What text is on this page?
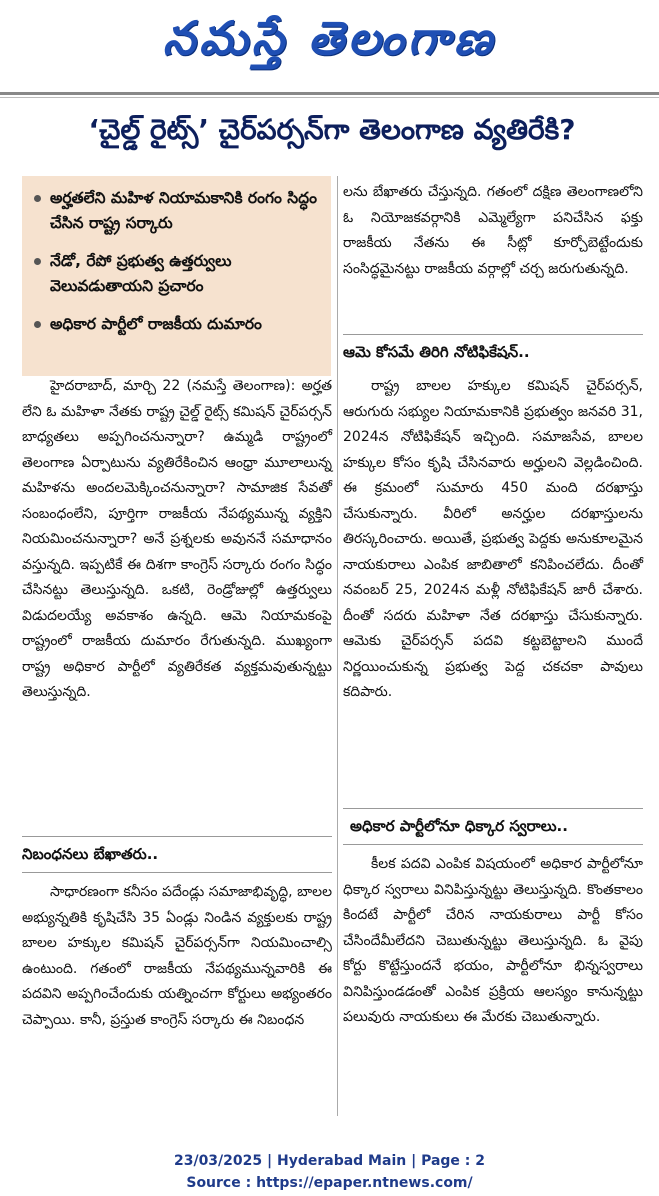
నమస్తే తెలంగాణ
‘చైల్డ్ రైట్స్’ చైర్‌పర్సన్‌గా తెలంగాణ వ్యతిరేకి?
అర్హతలేని మహిళ నియామకానికి రంగం సిద్ధం చేసిన రాష్ట్ర సర్కారు
నేడో, రేపో ప్రభుత్వ ఉత్తర్వులు వెలువడుతాయని ప్రచారం
అధికార పార్టీలో రాజకీయ దుమారం

లను బేఖాతరు చేస్తున్నది. గతంలో దక్షిణ తెలంగాణలోని ఓ నియోజకవర్గానికి ఎమ్మెల్యేగా పనిచేసిన ఫక్తు రాజకీయ నేతను ఈ సీట్లో కూర్చోబెట్టేందుకు సంసిద్ధమైనట్టు రాజకీయ వర్గాల్లో చర్చ జరుగుతున్నది.

ఆమె కోసమే తిరిగి నోటిఫికేషన్..

హైదరాబాద్, మార్చి 22 (నమస్తే తెలంగాణ): అర్హత లేని ఓ మహిళా నేతకు రాష్ట్ర చైల్డ్ రైట్స్ కమిషన్ చైర్‌పర్సన్ బాధ్యతలు అప్పగించనున్నారా? ఉమ్మడి రాష్ట్రంలో తెలంగాణ ఏర్పాటును వ్యతిరేకించిన ఆంధ్రా మూలాలున్న మహిళను అందలమెక్కించనున్నారా? సామాజిక సేవతో సంబంధంలేని, పూర్తిగా రాజకీయ నేపథ్యమున్న వ్యక్తిని నియమించనున్నారా? అనే ప్రశ్నలకు అవుననే సమాధానం వస్తున్నది. ఇప్పటికే ఈ దిశగా కాంగ్రెస్ సర్కారు రంగం సిద్ధం చేసినట్టు తెలుస్తున్నది. ఒకటి, రెండ్రోజుల్లో ఉత్తర్వులు విడుదలయ్యే అవకాశం ఉన్నది. ఆమె నియామకంపై రాష్ట్రంలో రాజకీయ దుమారం రేగుతున్నది. ముఖ్యంగా రాష్ట్ర అధికార పార్టీలో వ్యతిరేకత వ్యక్తమవుతున్నట్టు తెలుస్తున్నది.

నిబంధనలు బేఖాతరు..

సాధారణంగా కనీసం పదేండ్లు సమాజాభివృద్ధి, బాలల అభ్యున్నతికి కృషిచేసి 35 ఏండ్లు నిండిన వ్యక్తులకు రాష్ట్ర బాలల హక్కుల కమిషన్ చైర్‌పర్సన్‌గా నియమించాల్సి ఉంటుంది. గతంలో రాజకీయ నేపథ్యమున్నవారికి ఈ పదవిని అప్పగించేందుకు యత్నించగా కోర్టులు అభ్యంతరం చెప్పాయి. కానీ, ప్రస్తుత కాంగ్రెస్ సర్కారు ఈ నిబంధన

రాష్ట్ర బాలల హక్కుల కమిషన్ చైర్‌పర్సన్, ఆరుగురు సభ్యుల నియామకానికి ప్రభుత్వం జనవరి 31, 2024న నోటిఫికేషన్ ఇచ్చింది. సమాజసేవ, బాలల హక్కుల కోసం కృషి చేసినవారు అర్హులని వెల్లడించింది. ఈ క్రమంలో సుమారు 450 మంది దరఖాస్తు చేసుకున్నారు. వీరిలో అనర్హుల దరఖాస్తులను తిరస్కరించారు. అయితే, ప్రభుత్వ పెద్దకు అనుకూలమైన నాయకురాలు ఎంపిక జాబితాలో కనిపించలేదు. దీంతో నవంబర్ 25, 2024న మళ్లీ నోటిఫికేషన్ జారీ చేశారు. దీంతో సదరు మహిళా నేత దరఖాస్తు చేసుకున్నారు. ఆమెకు చైర్‌పర్సన్ పదవి కట్టబెట్టాలని ముందే నిర్ణయించుకున్న ప్రభుత్వ పెద్ద చకచకా పావులు కదిపారు.

అధికార పార్టీలోనూ ధిక్కార స్వరాలు..

కీలక పదవి ఎంపిక విషయంలో అధికార పార్టీలోనూ ధిక్కార స్వరాలు వినిపిస్తున్నట్టు తెలుస్తున్నది. కొంతకాలం కిందటే పార్టీలో చేరిన నాయకురాలు పార్టీ కోసం చేసిందేమీలేదని చెబుతున్నట్టు తెలుస్తున్నది. ఓ వైపు కోర్టు కొట్టేస్తుందనే భయం, పార్టీలోనూ భిన్నస్వరాలు వినిపిస్తుండడంతో ఎంపిక ప్రక్రియ ఆలస్యం కానున్నట్టు పలువురు నాయకులు ఈ మేరకు చెబుతున్నారు.

23/03/2025 | Hyderabad Main | Page : 2
Source : https://epaper.ntnews.com/
